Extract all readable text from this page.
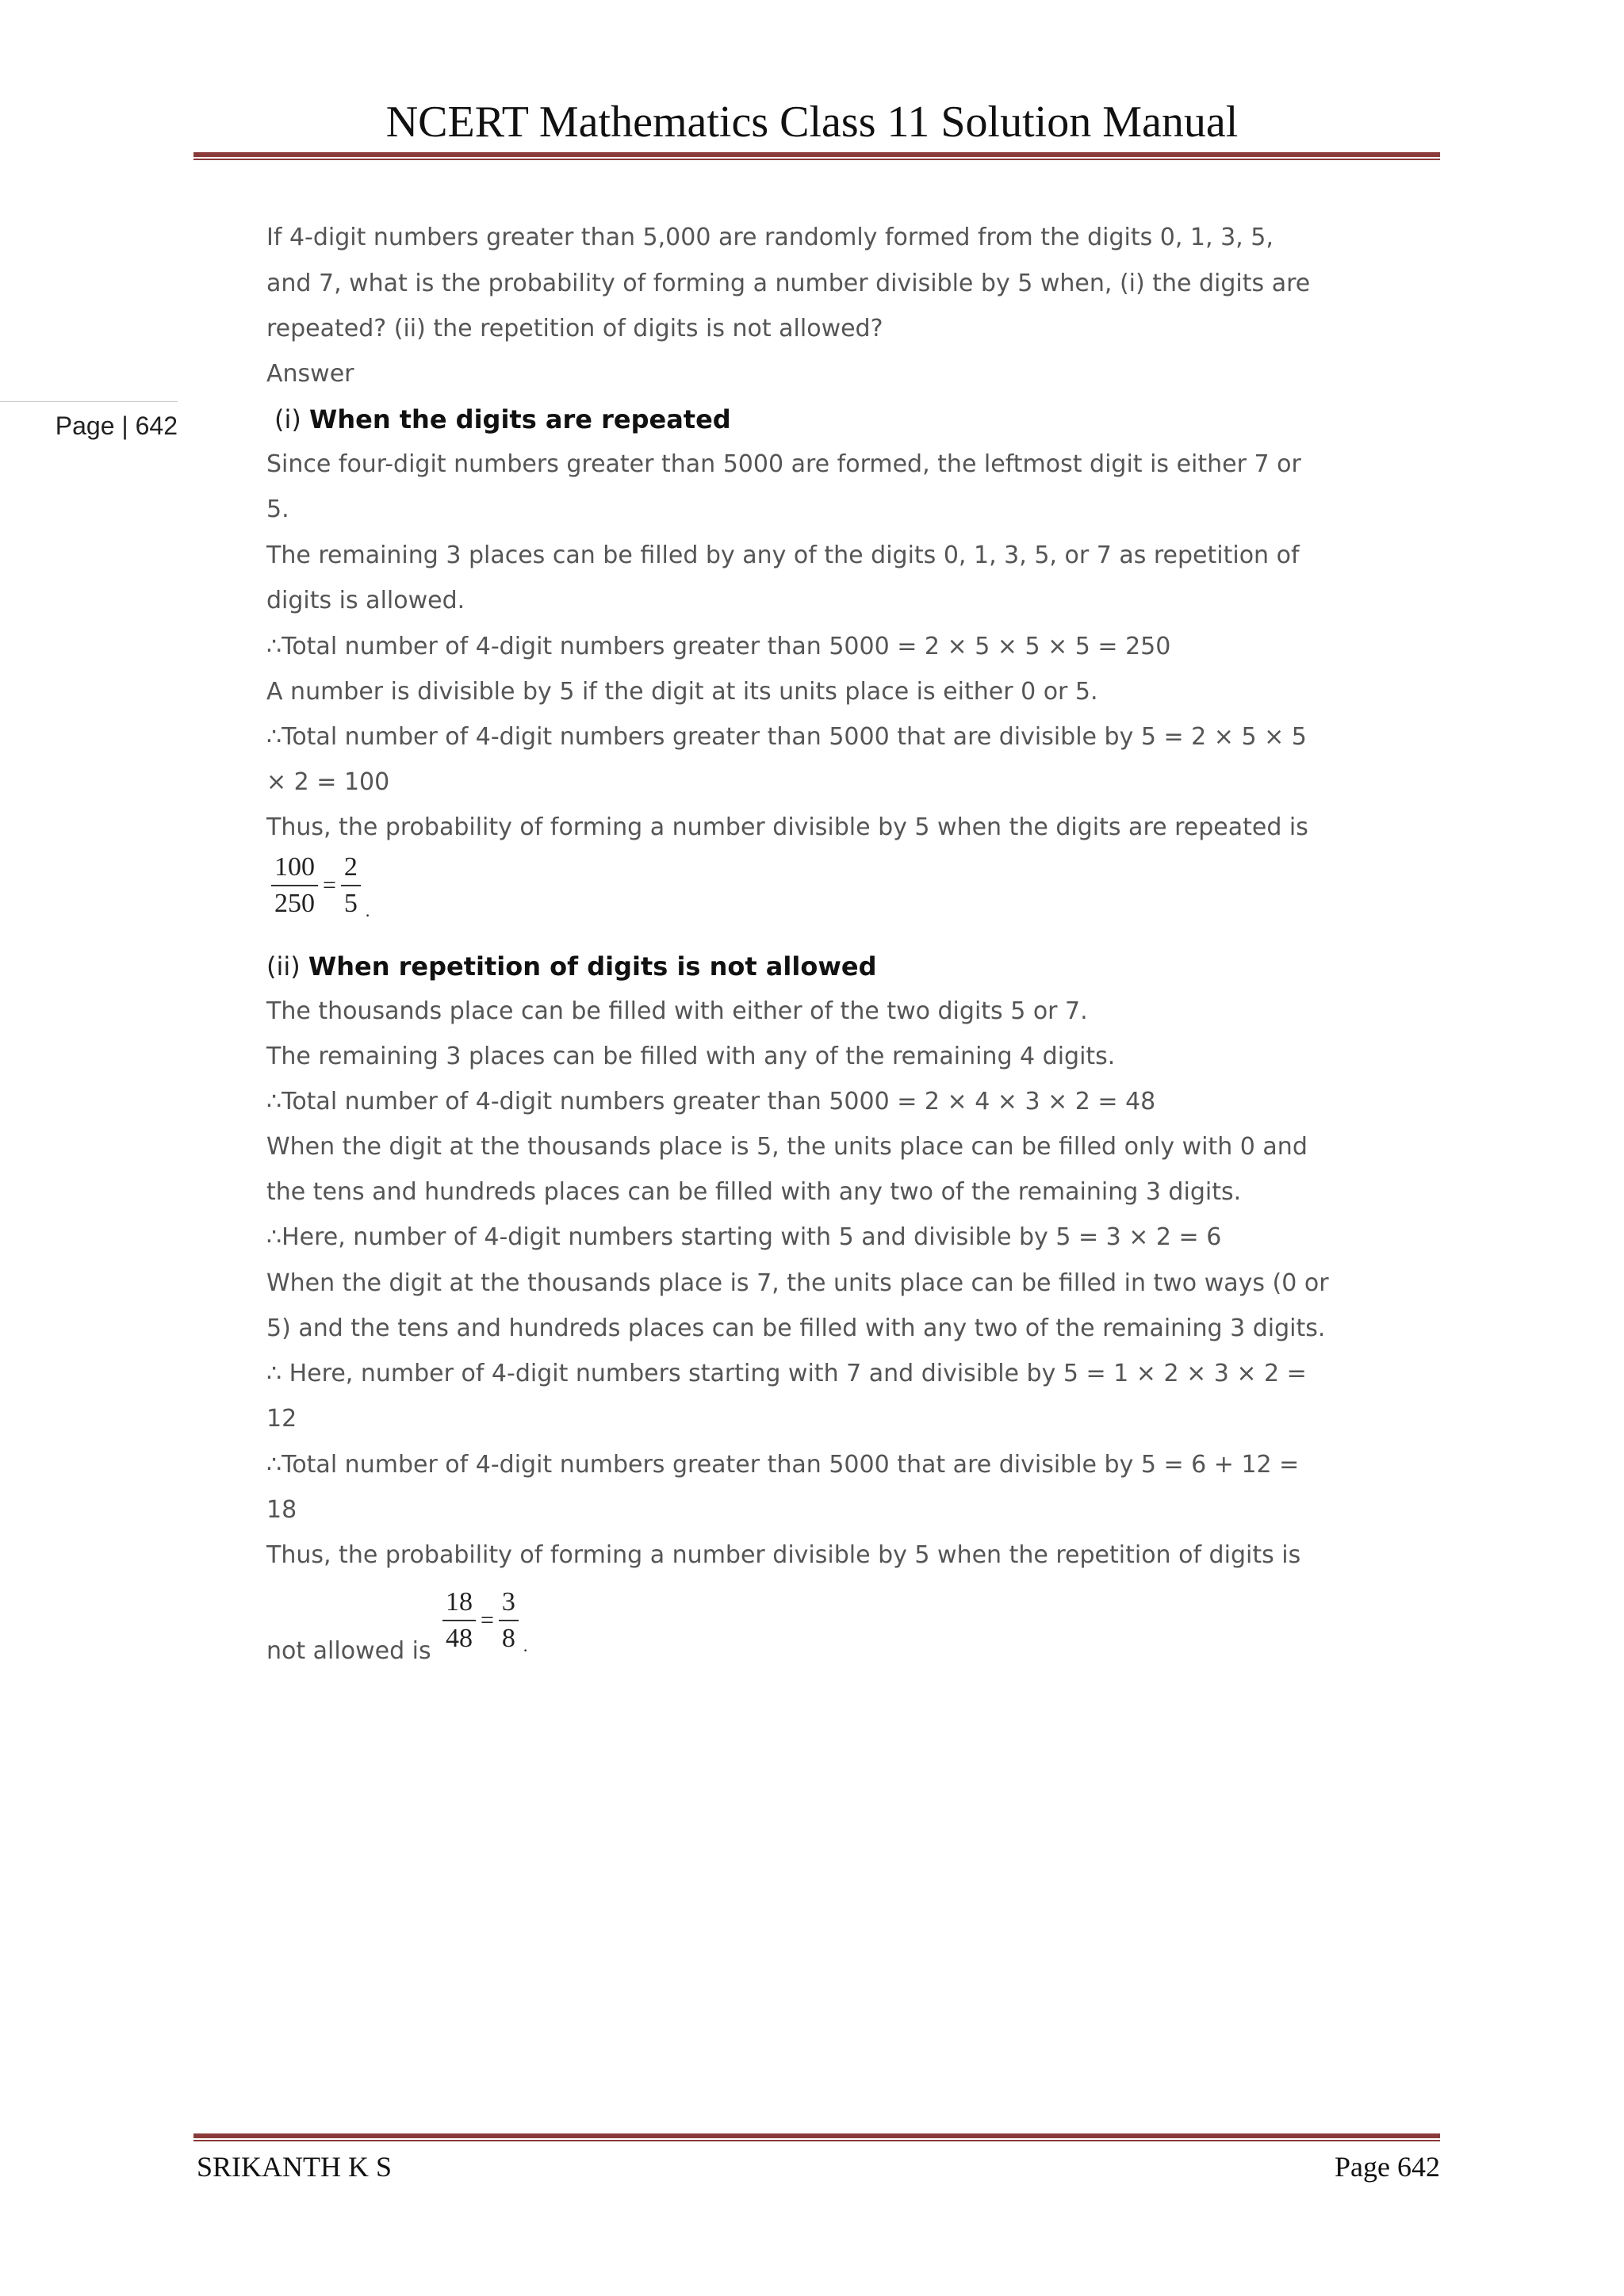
NCERT Mathematics Class 11 Solution Manual
Page | 642
If 4-digit numbers greater than 5,000 are randomly formed from the digits 0, 1, 3, 5,
and 7, what is the probability of forming a number divisible by 5 when, (i) the digits are
repeated? (ii) the repetition of digits is not allowed?
Answer
(i) When the digits are repeated
Since four-digit numbers greater than 5000 are formed, the leftmost digit is either 7 or
5.
The remaining 3 places can be filled by any of the digits 0, 1, 3, 5, or 7 as repetition of
digits is allowed.
∴Total number of 4-digit numbers greater than 5000 = 2 × 5 × 5 × 5 = 250
A number is divisible by 5 if the digit at its units place is either 0 or 5.
∴Total number of 4-digit numbers greater than 5000 that are divisible by 5 = 2 × 5 × 5
× 2 = 100
Thus, the probability of forming a number divisible by 5 when the digits are repeated is
$\frac{100}{250} = \frac{2}{5}$ .
(ii) When repetition of digits is not allowed
The thousands place can be filled with either of the two digits 5 or 7.
The remaining 3 places can be filled with any of the remaining 4 digits.
∴Total number of 4-digit numbers greater than 5000 = 2 × 4 × 3 × 2 = 48
When the digit at the thousands place is 5, the units place can be filled only with 0 and
the tens and hundreds places can be filled with any two of the remaining 3 digits.
∴Here, number of 4-digit numbers starting with 5 and divisible by 5 = 3 × 2 = 6
When the digit at the thousands place is 7, the units place can be filled in two ways (0 or
5) and the tens and hundreds places can be filled with any two of the remaining 3 digits.
∴ Here, number of 4-digit numbers starting with 7 and divisible by 5 = 1 × 2 × 3 × 2 =
12
∴Total number of 4-digit numbers greater than 5000 that are divisible by 5 = 6 + 12 =
18
Thus, the probability of forming a number divisible by 5 when the repetition of digits is
not allowed is $\frac{18}{48} = \frac{3}{8}$ .
SRIKANTH K S	Page 642
